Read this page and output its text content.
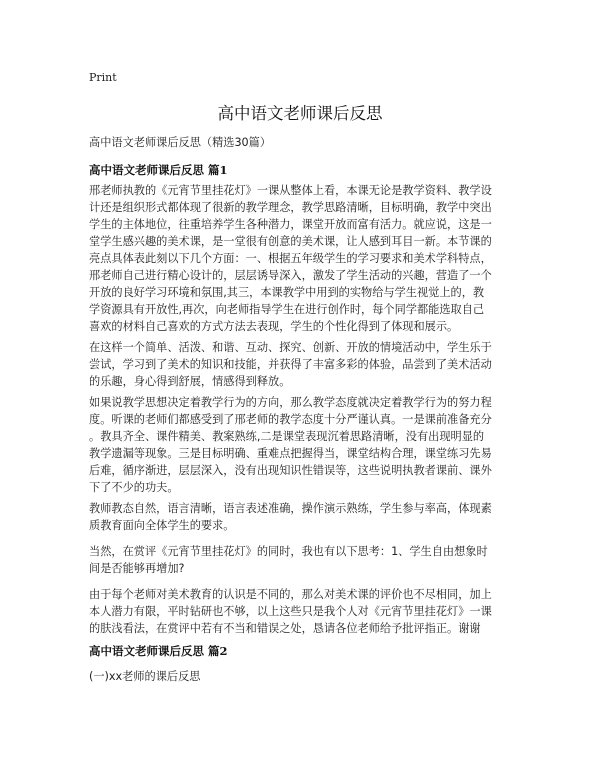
Print
高中语文老师课后反思
高中语文老师课后反思（精选30篇）
高中语文老师课后反思 篇1
邢老师执教的《元宵节里挂花灯》一课从整体上看，本课无论是教学资料、教学设
计还是组织形式都体现了很新的教学理念，教学思路清晰，目标明确，教学中突出
学生的主体地位，往重培养学生各种潜力，课堂开放而富有活力。就应说，这是一
堂学生感兴趣的美术课，是一堂很有创意的美术课，让人感到耳目一新。本节课的
亮点具体表此刻以下几个方面：一、根据五年级学生的学习要求和美术学科特点，
邢老师自己进行精心设计的，层层诱导深入，激发了学生活动的兴趣，营造了一个
开放的良好学习环境和氛围,其三，本课教学中用到的实物给与学生视觉上的，教
学资源具有开放性,再次，向老师指导学生在进行创作时，每个同学都能选取自己
喜欢的材料自己喜欢的方式方法去表现，学生的个性化得到了体现和展示。
在这样一个简单、活泼、和谐、互动、探究、创新、开放的情境活动中，学生乐于
尝试，学习到了美术的知识和技能，并获得了丰富多彩的体验，品尝到了美术活动
的乐趣，身心得到舒展，情感得到释放。
如果说教学思想决定着教学行为的方向，那么教学态度就决定着教学行为的努力程
度。听课的老师们都感受到了邢老师的教学态度十分严谨认真。一是课前准备充分
。教具齐全、课件精美、教案熟练,二是课堂表现沉着思路清晰，没有出现明显的
教学遗漏等现象。三是目标明确、重难点把握得当，课堂结构合理，课堂练习先易
后难，循序渐进，层层深入，没有出现知识性错误等，这些说明执教者课前、课外
下了不少的功夫。
教师教态自然，语言清晰，语言表述准确，操作演示熟练，学生参与率高，体现素
质教育面向全体学生的要求。
当然，在赏评《元宵节里挂花灯》的同时，我也有以下思考：1、学生自由想象时
间是否能够再增加?
由于每个老师对美术教育的认识是不同的，那么对美术课的评价也不尽相同，加上
本人潜力有限，平时钻研也不够，以上这些只是我个人对《元宵节里挂花灯》一课
的肤浅看法，在赏评中若有不当和错误之处，恳请各位老师给予批评指正。谢谢
高中语文老师课后反思 篇2
(一)xx老师的课后反思
